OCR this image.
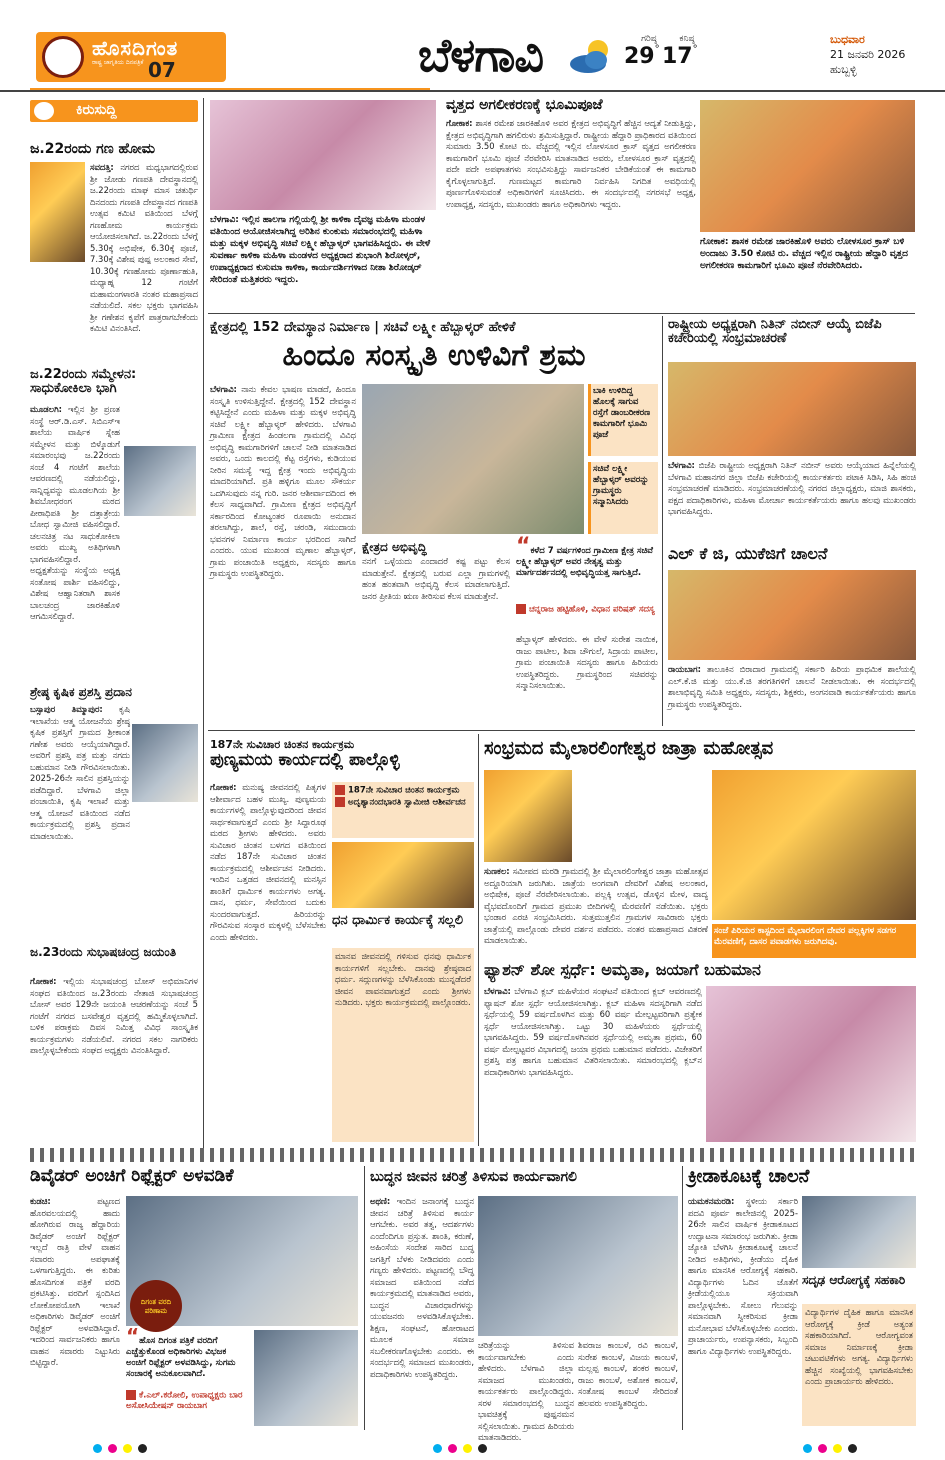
ಹೊಸದಿಗಂತ
07
ರಾಷ್ಟ್ರ ಜಾಗೃತಿಯ ದಿನಪತ್ರಿಕೆ	ಬೆಳಗಾವಿ	ಗರಿಷ್ಠ
29°
ಕನಿಷ್ಠ
17°
ಬುಧವಾರ
21 ಜನವರಿ 2026
ಹುಬ್ಬಳ್ಳಿ
ಕಿರುಸುದ್ದಿ
ಜ.22ರಂದು ಗಣ ಹೋಮ
ಸವದತ್ತಿ: ನಗರದ ಮಧ್ಯಭಾಗದಲ್ಲಿರುವ ಶ್ರೀ ಜೋಡು ಗಣಪತಿ ದೇವಸ್ಥಾನದಲ್ಲಿ ಜ.22ರಂದು ಮಾಘ ಮಾಸ ಚತುರ್ಥಿ ದಿನದಂದು ಗಣಪತಿ ದೇವಸ್ಥಾನದ ಗಣಪತಿ ಉತ್ಸವ ಕಮಿಟಿ ವತಿಯಿಂದ ಬೆಳಗ್ಗೆ ಗಣಹೋಮ ಕಾರ್ಯಕ್ರಮ ಆಯೋಜಿಸಲಾಗಿದೆ. ಜ.22ರಂದು ಬೆಳಗ್ಗೆ 5.30ಕ್ಕೆ ಅಭಿಷೇಕ, 6.30ಕ್ಕೆ ಪೂಜೆ, 7.30ಕ್ಕೆ ವಿಶೇಷ ಪುಷ್ಪ ಅಲಂಕಾರ ಸೇವೆ, 10.30ಕ್ಕೆ ಗಣಹೋಮ ಪೂರ್ಣಾಹುತಿ, ಮಧ್ಯಾಹ್ನ 12 ಗಂಟೆಗೆ ಮಹಾಮಂಗಳಾರತಿ ನಂತರ ಮಹಾಪ್ರಸಾದ ನಡೆಯಲಿದೆ. ಸಕಲ ಭಕ್ತರು ಭಾಗವಹಿಸಿ ಶ್ರೀ ಗಣೇಶನ ಕೃಪೆಗೆ ಪಾತ್ರರಾಗಬೇಕೆಂದು ಕಮಿಟಿ ವಿನಂತಿಸಿದೆ.
ಜ.22ರಂದು ಸಮ್ಮೇಳನ: ಸಾಧುಕೋಕಿಲಾ ಭಾಗಿ
ಮೂಡಲಗಿ: ಇಲ್ಲಿನ ಶ್ರೀ ಪ್ರಣತ ಸಂಸ್ಥೆ ಆರ್.ಡಿ.ಎಸ್. ಸಿಬಿಎಸ್‌ಇ ಶಾಲೆಯ ವಾರ್ಷಿಕ ಸ್ನೇಹ ಸಮ್ಮೇಳನ ಮತ್ತು ಬಿಳ್ಕೊಡುಗೆ ಸಮಾರಂಭವು ಜ.22ರಂದು ಸಂಜೆ 4 ಗಂಟೆಗೆ ಶಾಲೆಯ ಆವರಣದಲ್ಲಿ ನಡೆಯಲಿದ್ದು, ಸಾನ್ನಿಧ್ಯವನ್ನು ಮೂಡಲಗಿಯ ಶ್ರೀ ಶಿವಬೋಧರಂಗ ಮಠದ ಪೀಠಾಧಿಪತಿ ಶ್ರೀ ದತ್ತಾತ್ರೇಯ ಬೋಧ ಸ್ವಾಮೀಜಿ ವಹಿಸಲಿದ್ದಾರೆ. ಚಲನಚಿತ್ರ ನಟ ಸಾಧುಕೋಕಿಲಾ ಅವರು ಮುಖ್ಯ ಅತಿಥಿಗಳಾಗಿ ಭಾಗವಹಿಸಲಿದ್ದಾರೆ. ಅಧ್ಯಕ್ಷತೆಯನ್ನು ಸಂಸ್ಥೆಯ ಅಧ್ಯಕ್ಷ ಸಂತೋಷ ಪಾರ್ಶಿ ವಹಿಸಲಿದ್ದು, ವಿಶೇಷ ಆಹ್ವಾನಿತರಾಗಿ ಶಾಸಕ ಬಾಲಚಂದ್ರ ಜಾರಕಿಹೊಳಿ ಆಗಮಿಸಲಿದ್ದಾರೆ.
ಶ್ರೇಷ್ಠ ಕೃಷಿಕ ಪ್ರಶಸ್ತಿ ಪ್ರದಾನ
ಬಸ್ಸಾಪುರ ತಿಮ್ಮಾಪುರ: ಕೃಷಿ ಇಲಾಖೆಯ ಆತ್ಮ ಯೋಜನೆಯ ಶ್ರೇಷ್ಠ ಕೃಷಿಕ ಪ್ರಶಸ್ತಿಗೆ ಗ್ರಾಮದ ಶ್ರೀಕಾಂತ ಗಣೇಶ ಅವರು ಆಯ್ಕೆಯಾಗಿದ್ದಾರೆ. ಅವರಿಗೆ ಪ್ರಶಸ್ತಿ ಪತ್ರ ಮತ್ತು ನಗದು ಬಹುಮಾನ ನೀಡಿ ಗೌರವಿಸಲಾಯಿತು. 2025-26ನೇ ಸಾಲಿನ ಪ್ರಶಸ್ತಿಯನ್ನು ಪಡೆದಿದ್ದಾರೆ. ಬೆಳಗಾವಿ ಜಿಲ್ಲಾ ಪಂಚಾಯಿತಿ, ಕೃಷಿ ಇಲಾಖೆ ಮತ್ತು ಆತ್ಮ ಯೋಜನೆ ವತಿಯಿಂದ ನಡೆದ ಕಾರ್ಯಕ್ರಮದಲ್ಲಿ ಪ್ರಶಸ್ತಿ ಪ್ರದಾನ ಮಾಡಲಾಯಿತು.
ಜ.23ರಂದು ಸುಭಾಷಚಂದ್ರ ಜಯಂತಿ
ಗೋಕಾಕ: ಇಲ್ಲಿಯ ಸುಭಾಷಚಂದ್ರ ಬೋಸ್ ಅಭಿಮಾನಿಗಳ ಸಂಘದ ವತಿಯಿಂದ ಜ.23ರಂದು ನೇತಾಜಿ ಸುಭಾಷಚಂದ್ರ ಬೋಸ್ ಅವರ 129ನೇ ಜಯಂತಿ ಆಚರಣೆಯನ್ನು ಸಂಜೆ 5 ಗಂಟೆಗೆ ನಗರದ ಬಸವೇಶ್ವರ ವೃತ್ತದಲ್ಲಿ ಹಮ್ಮಿಕೊಳ್ಳಲಾಗಿದೆ. ಬಳಿಕ ಪರಾಕ್ರಮ ದಿವಸ ನಿಮಿತ್ತ ವಿವಿಧ ಸಾಂಸ್ಕೃತಿಕ ಕಾರ್ಯಕ್ರಮಗಳು ನಡೆಯಲಿವೆ. ನಗರದ ಸಕಲ ನಾಗರಿಕರು ಪಾಲ್ಗೊಳ್ಳಬೇಕೆಂದು ಸಂಘದ ಅಧ್ಯಕ್ಷರು ವಿನಂತಿಸಿದ್ದಾರೆ.
ಬೆಳಗಾವಿ: ಇಲ್ಲಿನ ಹಾಲಗಾ ಗಲ್ಲಿಯಲ್ಲಿ ಶ್ರೀ ಕಾಳಿಕಾ ದೈವಜ್ಞ ಮಹಿಳಾ ಮಂಡಳ ವತಿಯಿಂದ ಆಯೋಜಿಸಲಾಗಿದ್ದ ಅರಿಶಿನ ಕುಂಕುಮ ಸಮಾರಂಭದಲ್ಲಿ ಮಹಿಳಾ ಮತ್ತು ಮಕ್ಕಳ ಅಭಿವೃದ್ಧಿ ಸಚಿವೆ ಲಕ್ಷ್ಮೀ ಹೆಬ್ಬಾಳ್ಕರ್ ಭಾಗವಹಿಸಿದ್ದರು. ಈ ವೇಳೆ ಸುವರ್ಣಾ ಕಾಳಿಕಾ ಮಹಿಳಾ ಮಂಡಳದ ಅಧ್ಯಕ್ಷರಾದ ಶುಭಾಂಗಿ ಶಿರೋಳ್ಕರ್, ಉಪಾಧ್ಯಕ್ಷರಾದ ಕುಸುಮಾ ಕಾಳಿಕಾ, ಕಾರ್ಯದರ್ಶಿಗಳಾದ ನೀತಾ ಶಿರೋಡ್ಕರ್ ಸೇರಿದಂತೆ ಮತ್ತಿತರರು ಇದ್ದರು.
ವೃತ್ತದ ಅಗಲೀಕರಣಕ್ಕೆ ಭೂಮಿಪೂಜೆ
ಗೋಕಾಕ: ಶಾಸಕ ರಮೇಶ ಜಾರಕಿಹೊಳಿ ಅವರ ಕ್ಷೇತ್ರದ ಅಭಿವೃದ್ಧಿಗೆ ಹೆಚ್ಚಿನ ಆದ್ಯತೆ ನೀಡುತ್ತಿದ್ದು, ಕ್ಷೇತ್ರದ ಅಭಿವೃದ್ಧಿಗಾಗಿ ಹಗಲಿರುಳು ಶ್ರಮಿಸುತ್ತಿದ್ದಾರೆ. ರಾಷ್ಟ್ರೀಯ ಹೆದ್ದಾರಿ ಪ್ರಾಧಿಕಾರದ ವತಿಯಿಂದ ಸುಮಾರು 3.50 ಕೋಟಿ ರು. ವೆಚ್ಚದಲ್ಲಿ ಇಲ್ಲಿನ ಲೋಳಸೂರ ಕ್ರಾಸ್ ವೃತ್ತದ ಅಗಲೀಕರಣ ಕಾಮಗಾರಿಗೆ ಭೂಮಿ ಪೂಜೆ ನೆರವೇರಿಸಿ ಮಾತನಾಡಿದ ಅವರು, ಲೋಳಸೂರ ಕ್ರಾಸ್ ವೃತ್ತದಲ್ಲಿ ಪದೇ ಪದೇ ಅಪಘಾತಗಳು ಸಂಭವಿಸುತ್ತಿದ್ದು ಸಾರ್ವಜನಿಕರ ಬೇಡಿಕೆಯಂತೆ ಈ ಕಾಮಗಾರಿ ಕೈಗೊಳ್ಳಲಾಗುತ್ತಿದೆ. ಗುಣಮಟ್ಟದ ಕಾಮಗಾರಿ ನಿರ್ವಹಿಸಿ ನಿಗದಿತ ಅವಧಿಯಲ್ಲಿ ಪೂರ್ಣಗೊಳಿಸುವಂತೆ ಅಧಿಕಾರಿಗಳಿಗೆ ಸೂಚಿಸಿದರು. ಈ ಸಂದರ್ಭದಲ್ಲಿ ನಗರಸಭೆ ಅಧ್ಯಕ್ಷ, ಉಪಾಧ್ಯಕ್ಷ, ಸದಸ್ಯರು, ಮುಖಂಡರು ಹಾಗೂ ಅಧಿಕಾರಿಗಳು ಇದ್ದರು.
ಗೋಕಾಕ: ಶಾಸಕ ರಮೇಶ ಜಾರಕಿಹೊಳಿ ಅವರು ಲೋಳಸೂರ ಕ್ರಾಸ್ ಬಳಿ ಅಂದಾಜು 3.50 ಕೋಟಿ ರು. ವೆಚ್ಚದ ಇಲ್ಲಿನ ರಾಷ್ಟ್ರೀಯ ಹೆದ್ದಾರಿ ವೃತ್ತದ ಅಗಲೀಕರಣ ಕಾಮಗಾರಿಗೆ ಭೂಮಿ ಪೂಜೆ ನೆರವೇರಿಸಿದರು.
ಕ್ಷೇತ್ರದಲ್ಲಿ 152 ದೇವಸ್ಥಾನ ನಿರ್ಮಾಣ | ಸಚಿವೆ ಲಕ್ಷ್ಮೀ ಹೆಬ್ಬಾಳ್ಕರ್ ಹೇಳಿಕೆ
ಹಿಂದೂ ಸಂಸ್ಕೃತಿ ಉಳಿವಿಗೆ ಶ್ರಮ
ಬೆಳಗಾವಿ: ನಾನು ಕೇವಲ ಭಾಷಣ ಮಾಡದೆ, ಹಿಂದೂ ಸಂಸ್ಕೃತಿ ಉಳಿಸುತ್ತಿದ್ದೇನೆ. ಕ್ಷೇತ್ರದಲ್ಲಿ 152 ದೇವಸ್ಥಾನ ಕಟ್ಟಿಸಿದ್ದೇನೆ ಎಂದು ಮಹಿಳಾ ಮತ್ತು ಮಕ್ಕಳ ಅಭಿವೃದ್ಧಿ ಸಚಿವೆ ಲಕ್ಷ್ಮೀ ಹೆಬ್ಬಾಳ್ಕರ್ ಹೇಳಿದರು. ಬೆಳಗಾವಿ ಗ್ರಾಮೀಣ ಕ್ಷೇತ್ರದ ಹಿಂಡಲಗಾ ಗ್ರಾಮದಲ್ಲಿ ವಿವಿಧ ಅಭಿವೃದ್ಧಿ ಕಾಮಗಾರಿಗಳಿಗೆ ಚಾಲನೆ ನೀಡಿ ಮಾತನಾಡಿದ ಅವರು, ಒಂದು ಕಾಲದಲ್ಲಿ ಕೆಟ್ಟ ರಸ್ತೆಗಳು, ಕುಡಿಯುವ ನೀರಿನ ಸಮಸ್ಯೆ ಇದ್ದ ಕ್ಷೇತ್ರ ಇಂದು ಅಭಿವೃದ್ಧಿಯ ಮಾದರಿಯಾಗಿದೆ. ಪ್ರತಿ ಹಳ್ಳಿಗೂ ಮೂಲ ಸೌಕರ್ಯ ಒದಗಿಸುವುದು ನನ್ನ ಗುರಿ. ಜನರ ಆಶೀರ್ವಾದದಿಂದ ಈ ಕೆಲಸ ಸಾಧ್ಯವಾಗಿದೆ. ಗ್ರಾಮೀಣ ಕ್ಷೇತ್ರದ ಅಭಿವೃದ್ಧಿಗೆ ಸರ್ಕಾರದಿಂದ ಕೋಟ್ಯಂತರ ರೂಪಾಯಿ ಅನುದಾನ ತರಲಾಗಿದ್ದು, ಶಾಲೆ, ರಸ್ತೆ, ಚರಂಡಿ, ಸಮುದಾಯ ಭವನಗಳ ನಿರ್ಮಾಣ ಕಾರ್ಯ ಭರದಿಂದ ಸಾಗಿದೆ ಎಂದರು. ಯುವ ಮುಖಂಡ ಮೃಣಾಲ ಹೆಬ್ಬಾಳ್ಕರ್, ಗ್ರಾಮ ಪಂಚಾಯಿತಿ ಅಧ್ಯಕ್ಷರು, ಸದಸ್ಯರು ಹಾಗೂ ಗ್ರಾಮಸ್ಥರು ಉಪಸ್ಥಿತರಿದ್ದರು.
ಬಾಕಿ ಉಳಿದಿದ್ದ ಹೊಲಕ್ಕೆ ಸಾಗುವ ರಸ್ತೆಗೆ ಡಾಂಬರೀಕರಣ ಕಾಮಗಾರಿಗೆ ಭೂಮಿ ಪೂಜೆ
ಸಚಿವೆ ಲಕ್ಷ್ಮೀ ಹೆಬ್ಬಾಳ್ಕರ್ ಅವರನ್ನು ಗ್ರಾಮಸ್ಥರು ಸನ್ಮಾನಿಸಿದರು
ಕ್ಷೇತ್ರದ ಅಭಿವೃದ್ಧಿ
ನನಗೆ ಒಳ್ಳೆಯದು ಎಂದಾದರೆ ಕಷ್ಟ ಪಟ್ಟು ಕೆಲಸ ಮಾಡುತ್ತೇನೆ. ಕ್ಷೇತ್ರದಲ್ಲಿ ಬರುವ ಎಲ್ಲಾ ಗ್ರಾಮಗಳಲ್ಲಿ ಹಂತ ಹಂತವಾಗಿ ಅಭಿವೃದ್ಧಿ ಕೆಲಸ ಮಾಡಲಾಗುತ್ತಿದೆ. ಜನರ ಪ್ರೀತಿಯ ಋಣ ತೀರಿಸುವ ಕೆಲಸ ಮಾಡುತ್ತೇನೆ.
“ಕಳೆದ 7 ವರ್ಷಗಳಿಂದ ಗ್ರಾಮೀಣ ಕ್ಷೇತ್ರ ಸಚಿವೆ ಲಕ್ಷ್ಮೀ ಹೆಬ್ಬಾಳ್ಕರ್ ಅವರ ನೇತೃತ್ವ ಮತ್ತು ಮಾರ್ಗದರ್ಶನದಲ್ಲಿ ಅಭಿವೃದ್ಧಿಯತ್ತ ಸಾಗುತ್ತಿದೆ.
ಚನ್ನರಾಜ ಹಟ್ಟಿಹೊಳಿ, ವಿಧಾನ ಪರಿಷತ್ ಸದಸ್ಯ
ಹೆಬ್ಬಾಳ್ಕರ್ ಹೇಳಿದರು. ಈ ವೇಳೆ ಸುರೇಶ ನಾಯಿಕ, ರಾಜು ಪಾಟೀಲ, ಶಿವಾ ಚೌಗುಲೆ, ಸಿದ್ರಾಯ ಪಾಟೀಲ, ಗ್ರಾಮ ಪಂಚಾಯಿತಿ ಸದಸ್ಯರು ಹಾಗೂ ಹಿರಿಯರು ಉಪಸ್ಥಿತರಿದ್ದರು. ಗ್ರಾಮಸ್ಥರಿಂದ ಸಚಿವರನ್ನು ಸನ್ಮಾನಿಸಲಾಯಿತು.
ರಾಷ್ಟ್ರೀಯ ಅಧ್ಯಕ್ಷರಾಗಿ ನಿತಿನ್ ನಬೀನ್ ಆಯ್ಕೆ ಬಿಜೆಪಿ ಕಚೇರಿಯಲ್ಲಿ ಸಂಭ್ರಮಾಚರಣೆ
ಬೆಳಗಾವಿ: ಬಿಜೆಪಿ ರಾಷ್ಟ್ರೀಯ ಅಧ್ಯಕ್ಷರಾಗಿ ನಿತಿನ್ ನಬೀನ್ ಅವರು ಆಯ್ಕೆಯಾದ ಹಿನ್ನೆಲೆಯಲ್ಲಿ ಬೆಳಗಾವಿ ಮಹಾನಗರ ಜಿಲ್ಲಾ ಬಿಜೆಪಿ ಕಚೇರಿಯಲ್ಲಿ ಕಾರ್ಯಕರ್ತರು ಪಟಾಕಿ ಸಿಡಿಸಿ, ಸಿಹಿ ಹಂಚಿ ಸಂಭ್ರಮಾಚರಣೆ ಮಾಡಿದರು. ಸಂಭ್ರಮಾಚರಣೆಯಲ್ಲಿ ನಗರದ ಜಿಲ್ಲಾಧ್ಯಕ್ಷರು, ಮಾಜಿ ಶಾಸಕರು, ಪಕ್ಷದ ಪದಾಧಿಕಾರಿಗಳು, ಮಹಿಳಾ ಮೋರ್ಚಾ ಕಾರ್ಯಕರ್ತೆಯರು ಹಾಗೂ ಹಲವು ಮುಖಂಡರು ಭಾಗವಹಿಸಿದ್ದರು.
ಎಲ್ ಕೆ ಜಿ, ಯುಕೆಜಿಗೆ ಚಾಲನೆ
ರಾಯಬಾಗ: ತಾಲೂಕಿನ ಬಿರಾದಾರ ಗ್ರಾಮದಲ್ಲಿ ಸರ್ಕಾರಿ ಹಿರಿಯ ಪ್ರಾಥಮಿಕ ಶಾಲೆಯಲ್ಲಿ ಎಲ್.ಕೆ.ಜಿ ಮತ್ತು ಯು.ಕೆ.ಜಿ ತರಗತಿಗಳಿಗೆ ಚಾಲನೆ ನೀಡಲಾಯಿತು. ಈ ಸಂದರ್ಭದಲ್ಲಿ ಶಾಲಾಭಿವೃದ್ಧಿ ಸಮಿತಿ ಅಧ್ಯಕ್ಷರು, ಸದಸ್ಯರು, ಶಿಕ್ಷಕರು, ಅಂಗನವಾಡಿ ಕಾರ್ಯಕರ್ತೆಯರು ಹಾಗೂ ಗ್ರಾಮಸ್ಥರು ಉಪಸ್ಥಿತರಿದ್ದರು.
187ನೇ ಸುವಿಚಾರ ಚಿಂತನ ಕಾರ್ಯಕ್ರಮ
ಪುಣ್ಯಮಯ ಕಾರ್ಯದಲ್ಲಿ ಪಾಲ್ಗೊಳ್ಳಿ
ಗೋಕಾಕ: ಮನುಷ್ಯ ಜೀವನದಲ್ಲಿ ಪಿತೃಗಳ ಆಶೀರ್ವಾದ ಬಹಳ ಮುಖ್ಯ. ಪುಣ್ಯಮಯ ಕಾರ್ಯಗಳಲ್ಲಿ ಪಾಲ್ಗೊಳ್ಳುವುದರಿಂದ ಜೀವನ ಸಾರ್ಥಕವಾಗುತ್ತದೆ ಎಂದು ಶ್ರೀ ಸಿದ್ದಾರೂಢ ಮಠದ ಶ್ರೀಗಳು ಹೇಳಿದರು. ಅವರು ಸುವಿಚಾರ ಚಿಂತನ ಬಳಗದ ವತಿಯಿಂದ ನಡೆದ 187ನೇ ಸುವಿಚಾರ ಚಿಂತನ ಕಾರ್ಯಕ್ರಮದಲ್ಲಿ ಆಶೀರ್ವಚನ ನೀಡಿದರು. ಇಂದಿನ ಒತ್ತಡದ ಜೀವನದಲ್ಲಿ ಮನಸ್ಸಿನ ಶಾಂತಿಗೆ ಧಾರ್ಮಿಕ ಕಾರ್ಯಗಳು ಅಗತ್ಯ. ದಾನ, ಧರ್ಮ, ಸೇವೆಯಿಂದ ಬದುಕು ಸುಂದರವಾಗುತ್ತದೆ. ಹಿರಿಯರನ್ನು ಗೌರವಿಸುವ ಸಂಸ್ಕಾರ ಮಕ್ಕಳಲ್ಲಿ ಬೆಳೆಸಬೇಕು ಎಂದು ಹೇಳಿದರು.
187ನೇ ಸುವಿಚಾರ ಚಿಂತನ ಕಾರ್ಯಕ್ರಮ
ಅದೃಶ್ಯಾನಂದಭಾರತಿ ಸ್ವಾಮೀಜಿ ಆಶೀರ್ವಚನ
ಧನ ಧಾರ್ಮಿಕ ಕಾರ್ಯಕ್ಕೆ ಸಲ್ಲಲಿ
ಮಾನವ ಜೀವನದಲ್ಲಿ ಗಳಿಸುವ ಧನವು ಧಾರ್ಮಿಕ ಕಾರ್ಯಗಳಿಗೆ ಸಲ್ಲಬೇಕು. ದಾನವು ಶ್ರೇಷ್ಠವಾದ ಧರ್ಮ. ಸದ್ಗುಣಗಳನ್ನು ಬೆಳೆಸಿಕೊಂಡು ಮುನ್ನಡೆದರೆ ಜೀವನ ಪಾವನವಾಗುತ್ತದೆ ಎಂದು ಶ್ರೀಗಳು ನುಡಿದರು. ಭಕ್ತರು ಕಾರ್ಯಕ್ರಮದಲ್ಲಿ ಪಾಲ್ಗೊಂಡರು.
ಸಂಭ್ರಮದ ಮೈಲಾರಲಿಂಗೇಶ್ವರ ಜಾತ್ರಾ ಮಹೋತ್ಸವ
ಸುಣಕಲ: ಸಮೀಪದ ಮರಡಿ ಗ್ರಾಮದಲ್ಲಿ ಶ್ರೀ ಮೈಲಾರಲಿಂಗೇಶ್ವರ ಜಾತ್ರಾ ಮಹೋತ್ಸವ ಅದ್ದೂರಿಯಾಗಿ ಜರುಗಿತು. ಜಾತ್ರೆಯ ಅಂಗವಾಗಿ ದೇವರಿಗೆ ವಿಶೇಷ ಅಲಂಕಾರ, ಅಭಿಷೇಕ, ಪೂಜೆ ನೆರವೇರಿಸಲಾಯಿತು. ಪಲ್ಲಕ್ಕಿ ಉತ್ಸವ, ಡೊಳ್ಳಿನ ಮೇಳ, ವಾದ್ಯ ವೈಭವದೊಂದಿಗೆ ಗ್ರಾಮದ ಪ್ರಮುಖ ಬೀದಿಗಳಲ್ಲಿ ಮೆರವಣಿಗೆ ನಡೆಯಿತು. ಭಕ್ತರು ಭಂಡಾರ ಎರಚಿ ಸಂಭ್ರಮಿಸಿದರು. ಸುತ್ತಮುತ್ತಲಿನ ಗ್ರಾಮಗಳ ಸಾವಿರಾರು ಭಕ್ತರು ಜಾತ್ರೆಯಲ್ಲಿ ಪಾಲ್ಗೊಂಡು ದೇವರ ದರ್ಶನ ಪಡೆದರು. ನಂತರ ಮಹಾಪ್ರಸಾದ ವಿತರಣೆ ಮಾಡಲಾಯಿತು.
ಸಂಜೆ ಪಿರಿಯರ ಕಾಸ್ಟದಿಂದ ಮೈಲಾರಲಿಂಗ ದೇವರ ಪಲ್ಲಕ್ಕಿಗಳ ಸಡಗರ ಮೆರವಣಿಗೆ, ದಾಸರ ಪವಾಡಗಳು ಜರುಗಿದವು.
ಫ್ಯಾಶನ್ ಶೋ ಸ್ಪರ್ಧೆ: ಅಮೃತಾ, ಜಯಾಗೆ ಬಹುಮಾನ
ಬೆಳಗಾವಿ: ಬೆಳಗಾವಿ ಕ್ಲಬ್ ಮಹಿಳೆಯರ ಸಂಘಟನೆ ವತಿಯಿಂದ ಕ್ಲಬ್ ಆವರಣದಲ್ಲಿ ಫ್ಯಾಷನ್ ಶೋ ಸ್ಪರ್ಧೆ ಆಯೋಜಿಸಲಾಗಿತ್ತು. ಕ್ಲಬ್ ಮಹಿಳಾ ಸದಸ್ಯರಿಗಾಗಿ ನಡೆದ ಸ್ಪರ್ಧೆಯಲ್ಲಿ 59 ವರ್ಷದೊಳಗಿನ ಮತ್ತು 60 ವರ್ಷ ಮೇಲ್ಪಟ್ಟವರಿಗಾಗಿ ಪ್ರತ್ಯೇಕ ಸ್ಪರ್ಧೆ ಆಯೋಜಿಸಲಾಗಿತ್ತು. ಒಟ್ಟು 30 ಮಹಿಳೆಯರು ಸ್ಪರ್ಧೆಯಲ್ಲಿ ಭಾಗವಹಿಸಿದ್ದರು. 59 ವರ್ಷದೊಳಗಿನವರ ಸ್ಪರ್ಧೆಯಲ್ಲಿ ಅಮೃತಾ ಪ್ರಥಮ, 60 ವರ್ಷ ಮೇಲ್ಪಟ್ಟವರ ವಿಭಾಗದಲ್ಲಿ ಜಯಾ ಪ್ರಥಮ ಬಹುಮಾನ ಪಡೆದರು. ವಿಜೇತರಿಗೆ ಪ್ರಶಸ್ತಿ ಪತ್ರ ಹಾಗೂ ಬಹುಮಾನ ವಿತರಿಸಲಾಯಿತು. ಸಮಾರಂಭದಲ್ಲಿ ಕ್ಲಬ್‌ನ ಪದಾಧಿಕಾರಿಗಳು ಭಾಗವಹಿಸಿದ್ದರು.
ಡಿವೈಡರ್ ಅಂಚಿಗೆ ರಿಫ್ಲೆಕ್ಟರ್ ಅಳವಡಿಕೆ
ಕುಡಚಿ:	ಪಟ್ಟಣದ ಹೊರವಲಯದಲ್ಲಿ ಹಾದು ಹೋಗಿರುವ ರಾಜ್ಯ ಹೆದ್ದಾರಿಯ ಡಿವೈಡರ್ ಅಂಚಿಗೆ ರಿಫ್ಲೆಕ್ಟರ್ ಇಲ್ಲದೆ ರಾತ್ರಿ ವೇಳೆ ವಾಹನ ಸವಾರರು ಅಪಘಾತಕ್ಕೆ ಒಳಗಾಗುತ್ತಿದ್ದರು. ಈ ಕುರಿತು ಹೊಸದಿಗಂತ ಪತ್ರಿಕೆ ವರದಿ ಪ್ರಕಟಿಸಿತ್ತು. ವರದಿಗೆ ಸ್ಪಂದಿಸಿದ ಲೋಕೋಪಯೋಗಿ ಇಲಾಖೆ ಅಧಿಕಾರಿಗಳು ಡಿವೈಡರ್ ಅಂಚಿಗೆ ರಿಫ್ಲೆಕ್ಟರ್ ಅಳವಡಿಸಿದ್ದಾರೆ. ಇದರಿಂದ ಸಾರ್ವಜನಿಕರು ಹಾಗೂ ವಾಹನ ಸವಾರರು ನಿಟ್ಟುಸಿರು ಬಿಟ್ಟಿದ್ದಾರೆ.
ದಿಗಂತ ವರದಿ ಪರಿಣಾಮ
“ಹೊಸ ದಿಗಂತ ಪತ್ರಿಕೆ ವರದಿಗೆ ಎಚ್ಚೆತ್ತುಕೊಂಡ ಅಧಿಕಾರಿಗಳು ವಿಭಜಕ ಅಂಚಿಗೆ ರಿಫ್ಲೆಕ್ಟರ್ ಅಳವಡಿಸಿದ್ದು, ಸುಗಮ ಸಂಚಾರಕ್ಕೆ ಅನುಕೂಲವಾಗಿದೆ.
ಕೆ.ಎಲ್.ಕರೋಲಿ, ಉಪಾಧ್ಯಕ್ಷರು ಬಾರ ಅಸೋಸಿಯೇಷನ್ ರಾಯಬಾಗ
ಬುದ್ಧನ ಜೀವನ ಚರಿತ್ರೆ ತಿಳಿಸುವ ಕಾರ್ಯವಾಗಲಿ
ಅಥಣಿ: ಇಂದಿನ ಜನಾಂಗಕ್ಕೆ ಬುದ್ಧನ ಜೀವನ ಚರಿತ್ರೆ ತಿಳಿಸುವ ಕಾರ್ಯ ಆಗಬೇಕು. ಅವರ ತತ್ವ, ಆದರ್ಶಗಳು ಎಂದೆಂದಿಗೂ ಪ್ರಸ್ತುತ. ಶಾಂತಿ, ಕರುಣೆ, ಅಹಿಂಸೆಯ ಸಂದೇಶ ಸಾರಿದ ಬುದ್ಧ ಜಗತ್ತಿಗೆ ಬೆಳಕು ನೀಡಿದವರು ಎಂದು ಗಣ್ಯರು ಹೇಳಿದರು. ಪಟ್ಟಣದಲ್ಲಿ ಬೌದ್ಧ ಸಮಾಜದ ವತಿಯಿಂದ ನಡೆದ ಕಾರ್ಯಕ್ರಮದಲ್ಲಿ ಮಾತನಾಡಿದ ಅವರು, ಬುದ್ಧನ ವಿಚಾರಧಾರೆಗಳನ್ನು ಯುವಜನರು ಅಳವಡಿಸಿಕೊಳ್ಳಬೇಕು. ಶಿಕ್ಷಣ, ಸಂಘಟನೆ, ಹೋರಾಟದ ಮೂಲಕ ಸಮಾಜ ಸಬಲೀಕರಣಗೊಳ್ಳಬೇಕು ಎಂದರು. ಈ ಸಂದರ್ಭದಲ್ಲಿ ಸಮಾಜದ ಮುಖಂಡರು, ಪದಾಧಿಕಾರಿಗಳು ಉಪಸ್ಥಿತರಿದ್ದರು.
ಚರಿತ್ರೆಯನ್ನು ತಿಳಿಸುವ ಕಾರ್ಯವಾಗಬೇಕು ಎಂದು ಹೇಳಿದರು. ಬೆಳಗಾವಿ ಜಿಲ್ಲಾ ಸಮಾಜದ ಮುಖಂಡರು, ಕಾರ್ಯಕರ್ತರು ಪಾಲ್ಗೊಂಡಿದ್ದರು. ಸರಳ ಸಮಾರಂಭದಲ್ಲಿ ಬುದ್ಧನ ಭಾವಚಿತ್ರಕ್ಕೆ ಪುಷ್ಪನಮನ ಸಲ್ಲಿಸಲಾಯಿತು. ಗ್ರಾಮದ ಹಿರಿಯರು ಮಾತನಾಡಿದರು.
ಶಿವರಾಜ ಕಾಂಬಳೆ, ರವಿ ಕಾಂಬಳೆ, ಸುರೇಶ ಕಾಂಬಳೆ, ವಿಜಯ ಕಾಂಬಳೆ, ಮಲ್ಲಪ್ಪ ಕಾಂಬಳೆ, ಶಂಕರ ಕಾಂಬಳೆ, ರಾಜು ಕಾಂಬಳೆ, ಅಶೋಕ ಕಾಂಬಳೆ, ಸಂತೋಷ ಕಾಂಬಳೆ ಸೇರಿದಂತೆ ಹಲವರು ಉಪಸ್ಥಿತರಿದ್ದರು.
ಕ್ರೀಡಾಕೂಟಕ್ಕೆ ಚಾಲನೆ
ಯಮಕನಮರಡಿ: ಸ್ಥಳೀಯ ಸರ್ಕಾರಿ ಪದವಿ ಪೂರ್ವ ಕಾಲೇಜಿನಲ್ಲಿ 2025-26ನೇ ಸಾಲಿನ ವಾರ್ಷಿಕ ಕ್ರೀಡಾಕೂಟದ ಉದ್ಘಾಟನಾ ಸಮಾರಂಭ ಜರುಗಿತು. ಕ್ರೀಡಾ ಜ್ಯೋತಿ ಬೆಳಗಿಸಿ ಕ್ರೀಡಾಕೂಟಕ್ಕೆ ಚಾಲನೆ ನೀಡಿದ ಅತಿಥಿಗಳು, ಕ್ರೀಡೆಯು ದೈಹಿಕ ಹಾಗೂ ಮಾನಸಿಕ ಆರೋಗ್ಯಕ್ಕೆ ಸಹಕಾರಿ. ವಿದ್ಯಾರ್ಥಿಗಳು ಓದಿನ ಜೊತೆಗೆ ಕ್ರೀಡೆಯಲ್ಲಿಯೂ ಸಕ್ರಿಯವಾಗಿ ಪಾಲ್ಗೊಳ್ಳಬೇಕು. ಸೋಲು ಗೆಲುವನ್ನು ಸಮಾನವಾಗಿ ಸ್ವೀಕರಿಸುವ ಕ್ರೀಡಾ ಮನೋಭಾವ ಬೆಳೆಸಿಕೊಳ್ಳಬೇಕು ಎಂದರು. ಪ್ರಾಚಾರ್ಯರು, ಉಪನ್ಯಾಸಕರು, ಸಿಬ್ಬಂದಿ ಹಾಗೂ ವಿದ್ಯಾರ್ಥಿಗಳು ಉಪಸ್ಥಿತರಿದ್ದರು.
ಸದೃಢ ಆರೋಗ್ಯಕ್ಕೆ ಸಹಕಾರಿ
ವಿದ್ಯಾರ್ಥಿಗಳ ದೈಹಿಕ ಹಾಗೂ ಮಾನಸಿಕ ಆರೋಗ್ಯಕ್ಕೆ ಕ್ರೀಡೆ ಅತ್ಯಂತ ಸಹಕಾರಿಯಾಗಿದೆ. ಆರೋಗ್ಯವಂತ ಸಮಾಜ ನಿರ್ಮಾಣಕ್ಕೆ ಕ್ರೀಡಾ ಚಟುವಟಿಕೆಗಳು ಅಗತ್ಯ. ವಿದ್ಯಾರ್ಥಿಗಳು ಹೆಚ್ಚಿನ ಸಂಖ್ಯೆಯಲ್ಲಿ ಭಾಗವಹಿಸಬೇಕು ಎಂದು ಪ್ರಾಚಾರ್ಯರು ಹೇಳಿದರು.
